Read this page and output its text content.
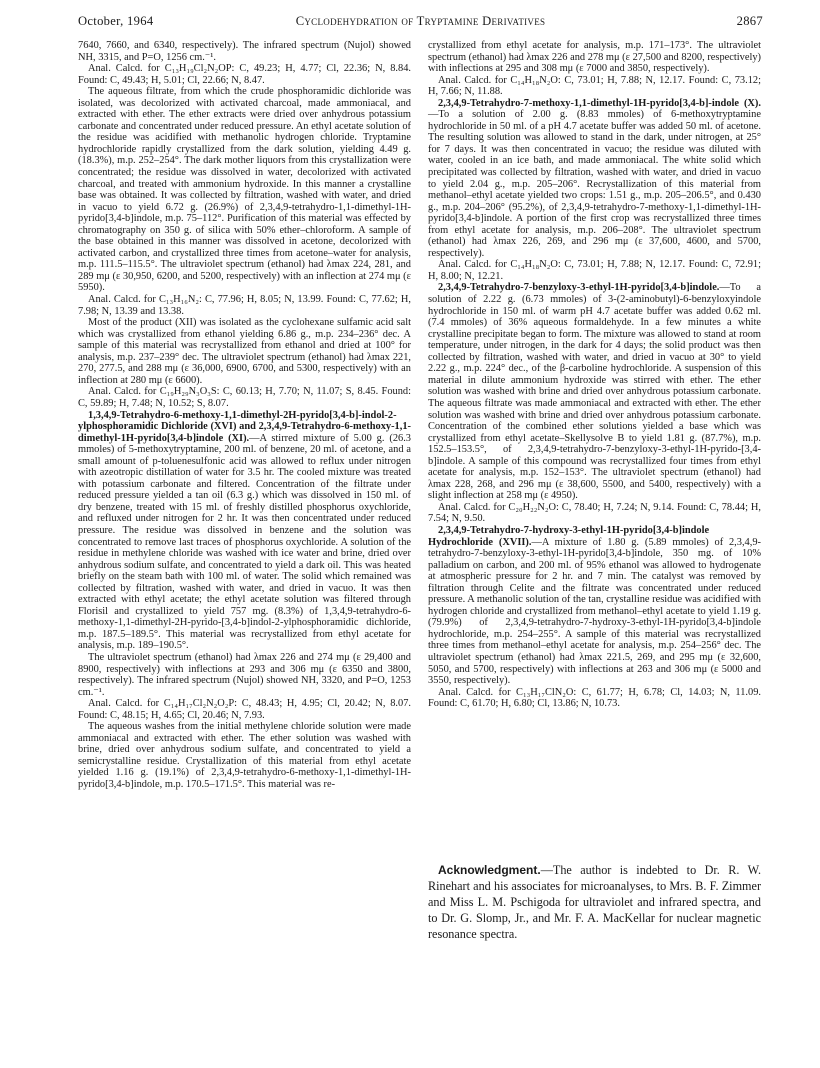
October, 1964	Cyclodehydration of Tryptamine Derivatives	2867

7640, 7660, and 6340, respectively). The infrared spectrum (Nujol) showed NH, 3315, and P=O, 1256 cm.⁻¹.

Anal. Calcd. for C₁₃H₁₉Cl₂N₂OP: C, 49.23; H, 4.77; Cl, 22.36; N, 8.84. Found: C, 49.43; H, 5.01; Cl, 22.66; N, 8.47.

The aqueous filtrate, from which the crude phosphoramidic dichloride was isolated, was decolorized with activated charcoal, made ammoniacal, and extracted with ether. The ether extracts were dried over anhydrous potassium carbonate and concentrated under reduced pressure. An ethyl acetate solution of the residue was acidified with methanolic hydrogen chloride. Tryptamine hydrochloride rapidly crystallized from the dark solution, yielding 4.49 g. (18.3%), m.p. 252–254°. The dark mother liquors from this crystallization were concentrated; the residue was dissolved in water, decolorized with activated charcoal, and treated with ammonium hydroxide. In this manner a crystalline base was obtained. It was collected by filtration, washed with water, and dried in vacuo to yield 6.72 g. (26.9%) of 2,3,4,9-tetrahydro-1,1-dimethyl-1H-pyrido[3,4-b]indole, m.p. 75–112°. Purification of this material was effected by chromatography on 350 g. of silica with 50% ether–chloroform. A sample of the base obtained in this manner was dissolved in acetone, decolorized with activated carbon, and crystallized three times from acetone–water for analysis, m.p. 111.5–115.5°. The ultraviolet spectrum (ethanol) had λmax 224, 281, and 289 mμ (ε 30,950, 6200, and 5200, respectively) with an inflection at 274 mμ (ε 5950).

Anal. Calcd. for C₁₃H₁₆N₂: C, 77.96; H, 8.05; N, 13.99. Found: C, 77.62; H, 7.98; N, 13.39 and 13.38.

Most of the product (XII) was isolated as the cyclohexane sulfamic acid salt which was crystallized from ethanol yielding 6.86 g., m.p. 234–236° dec. A sample of this material was recrystallized from ethanol and dried at 100° for analysis, m.p. 237–239° dec. The ultraviolet spectrum (ethanol) had λmax 221, 270, 277.5, and 288 mμ (ε 36,000, 6900, 6700, and 5300, respectively) with an inflection at 280 mμ (ε 6600).

Anal. Calcd. for C₁₉H₂₉N₃O₃S: C, 60.13; H, 7.70; N, 11.07; S, 8.45. Found: C, 59.89; H, 7.48; N, 10.52; S, 8.07.

1,3,4,9-Tetrahydro-6-methoxy-1,1-dimethyl-2H-pyrido[3,4-b]-indol-2-ylphosphoramidic Dichloride (XVI) and 2,3,4,9-Tetrahydro-6-methoxy-1,1-dimethyl-1H-pyrido[3,4-b]indole (XI).—A stirred mixture of 5.00 g. (26.3 mmoles) of 5-methoxytryptamine, 200 ml. of benzene, 20 ml. of acetone, and a small amount of p-toluenesulfonic acid was allowed to reflux under nitrogen with azeotropic distillation of water for 3.5 hr. The cooled mixture was treated with potassium carbonate and filtered. Concentration of the filtrate under reduced pressure yielded a tan oil (6.3 g.) which was dissolved in 150 ml. of dry benzene, treated with 15 ml. of freshly distilled phosphorus oxychloride, and refluxed under nitrogen for 2 hr. It was then concentrated under reduced pressure. The residue was dissolved in benzene and the solution was concentrated to remove last traces of phosphorus oxychloride. A solution of the residue in methylene chloride was washed with ice water and brine, dried over anhydrous sodium sulfate, and concentrated to yield a dark oil. This was heated briefly on the steam bath with 100 ml. of water. The solid which remained was collected by filtration, washed with water, and dried in vacuo. It was then extracted with ethyl acetate; the ethyl acetate solution was filtered through Florisil and crystallized to yield 757 mg. (8.3%) of 1,3,4,9-tetrahydro-6-methoxy-1,1-dimethyl-2H-pyrido-[3,4-b]indol-2-ylphosphoramidic dichloride, m.p. 187.5–189.5°. This material was recrystallized from ethyl acetate for analysis, m.p. 189–190.5°.

The ultraviolet spectrum (ethanol) had λmax 226 and 274 mμ (ε 29,400 and 8900, respectively) with inflections at 293 and 306 mμ (ε 6350 and 3800, respectively). The infrared spectrum (Nujol) showed NH, 3320, and P=O, 1253 cm.⁻¹.

Anal. Calcd. for C₁₄H₁₇Cl₂N₂O₂P: C, 48.43; H, 4.95; Cl, 20.42; N, 8.07. Found: C, 48.15; H, 4.65; Cl, 20.46; N, 7.93.

The aqueous washes from the initial methylene chloride solution were made ammoniacal and extracted with ether. The ether solution was washed with brine, dried over anhydrous sodium sulfate, and concentrated to yield a semicrystalline residue. Crystallization of this material from ethyl acetate yielded 1.16 g. (19.1%) of 2,3,4,9-tetrahydro-6-methoxy-1,1-dimethyl-1H-pyrido[3,4-b]indole, m.p. 170.5–171.5°. This material was re-

crystallized from ethyl acetate for analysis, m.p. 171–173°. The ultraviolet spectrum (ethanol) had λmax 226 and 278 mμ (ε 27,500 and 8200, respectively) with inflections at 295 and 308 mμ (ε 7000 and 3850, respectively).

Anal. Calcd. for C₁₄H₁₈N₂O: C, 73.01; H, 7.88; N, 12.17. Found: C, 73.12; H, 7.66; N, 11.88.

2,3,4,9-Tetrahydro-7-methoxy-1,1-dimethyl-1H-pyrido[3,4-b]-indole (X).—To a solution of 2.00 g. (8.83 mmoles) of 6-methoxytryptamine hydrochloride in 50 ml. of a pH 4.7 acetate buffer was added 50 ml. of acetone. The resulting solution was allowed to stand in the dark, under nitrogen, at 25° for 7 days. It was then concentrated in vacuo; the residue was diluted with water, cooled in an ice bath, and made ammoniacal. The white solid which precipitated was collected by filtration, washed with water, and dried in vacuo to yield 2.04 g., m.p. 205–206°. Recrystallization of this material from methanol–ethyl acetate yielded two crops: 1.51 g., m.p. 205–206.5°, and 0.430 g., m.p. 204–206° (95.2%), of 2,3,4,9-tetrahydro-7-methoxy-1,1-dimethyl-1H-pyrido[3,4-b]indole. A portion of the first crop was recrystallized three times from ethyl acetate for analysis, m.p. 206–208°. The ultraviolet spectrum (ethanol) had λmax 226, 269, and 296 mμ (ε 37,600, 4600, and 5700, respectively).

Anal. Calcd. for C₁₄H₁₈N₂O: C, 73.01; H, 7.88; N, 12.17. Found: C, 72.91; H, 8.00; N, 12.21.

2,3,4,9-Tetrahydro-7-benzyloxy-3-ethyl-1H-pyrido[3,4-b]indole.—To a solution of 2.22 g. (6.73 mmoles) of 3-(2-aminobutyl)-6-benzyloxyindole hydrochloride in 150 ml. of warm pH 4.7 acetate buffer was added 0.62 ml. (7.4 mmoles) of 36% aqueous formaldehyde. In a few minutes a white crystalline precipitate began to form. The mixture was allowed to stand at room temperature, under nitrogen, in the dark for 4 days; the solid product was then collected by filtration, washed with water, and dried in vacuo at 30° to yield 2.22 g., m.p. 224° dec., of the β-carboline hydrochloride. A suspension of this material in dilute ammonium hydroxide was stirred with ether. The ether solution was washed with brine and dried over anhydrous potassium carbonate. The aqueous filtrate was made ammoniacal and extracted with ether. The ether solution was washed with brine and dried over anhydrous potassium carbonate. Concentration of the combined ether solutions yielded a base which was crystallized from ethyl acetate–Skellysolve B to yield 1.81 g. (87.7%), m.p. 152.5–153.5°, of 2,3,4,9-tetrahydro-7-benzyloxy-3-ethyl-1H-pyrido-[3,4-b]indole. A sample of this compound was recrystallized four times from ethyl acetate for analysis, m.p. 152–153°. The ultraviolet spectrum (ethanol) had λmax 228, 268, and 296 mμ (ε 38,600, 5500, and 5400, respectively) with a slight inflection at 258 mμ (ε 4950).

Anal. Calcd. for C₂₀H₂₂N₂O: C, 78.40; H, 7.24; N, 9.14. Found: C, 78.44; H, 7.54; N, 9.50.

2,3,4,9-Tetrahydro-7-hydroxy-3-ethyl-1H-pyrido[3,4-b]indole Hydrochloride (XVII).—A mixture of 1.80 g. (5.89 mmoles) of 2,3,4,9-tetrahydro-7-benzyloxy-3-ethyl-1H-pyrido[3,4-b]indole, 350 mg. of 10% palladium on carbon, and 200 ml. of 95% ethanol was allowed to hydrogenate at atmospheric pressure for 2 hr. and 7 min. The catalyst was removed by filtration through Celite and the filtrate was concentrated under reduced pressure. A methanolic solution of the tan, crystalline residue was acidified with hydrogen chloride and crystallized from methanol–ethyl acetate to yield 1.19 g. (79.9%) of 2,3,4,9-tetrahydro-7-hydroxy-3-ethyl-1H-pyrido[3,4-b]indole hydrochloride, m.p. 254–255°. A sample of this material was recrystallized three times from methanol–ethyl acetate for analysis, m.p. 254–256° dec. The ultraviolet spectrum (ethanol) had λmax 221.5, 269, and 295 mμ (ε 32,600, 5050, and 5700, respectively) with inflections at 263 and 306 mμ (ε 5000 and 3550, respectively).

Anal. Calcd. for C₁₃H₁₇ClN₂O: C, 61.77; H, 6.78; Cl, 14.03; N, 11.09. Found: C, 61.70; H, 6.80; Cl, 13.86; N, 10.73.

Acknowledgment.—The author is indebted to Dr. R. W. Rinehart and his associates for microanalyses, to Mrs. B. F. Zimmer and Miss L. M. Pschigoda for ultraviolet and infrared spectra, and to Dr. G. Slomp, Jr., and Mr. F. A. MacKellar for nuclear magnetic resonance spectra.
